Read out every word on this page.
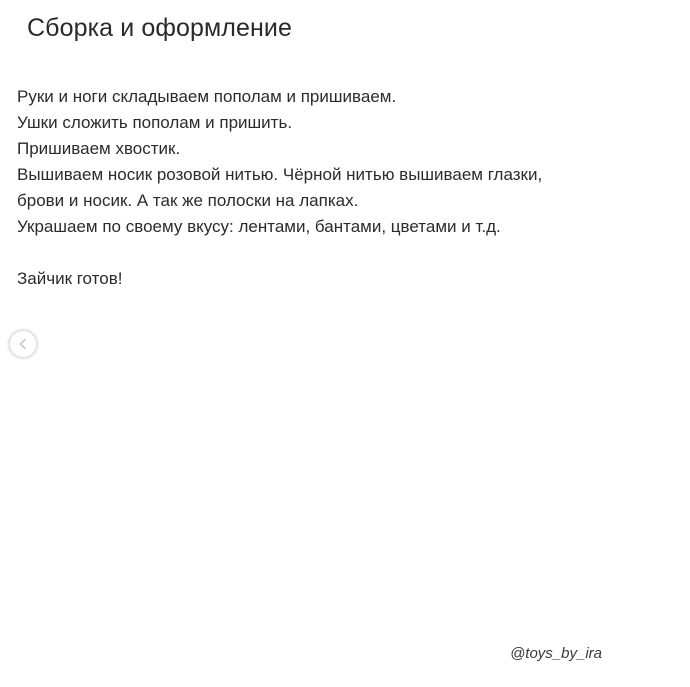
Сборка и оформление
Руки и ноги складываем пополам и пришиваем.
Ушки сложить пополам и пришить.
Пришиваем хвостик.
Вышиваем носик розовой нитью. Чёрной нитью вышиваем глазки,
брови и носик. А так же полоски на лапках.
Украшаем по своему вкусу: лентами, бантами, цветами и т.д.
Зайчик готов!
@toys_by_ira
